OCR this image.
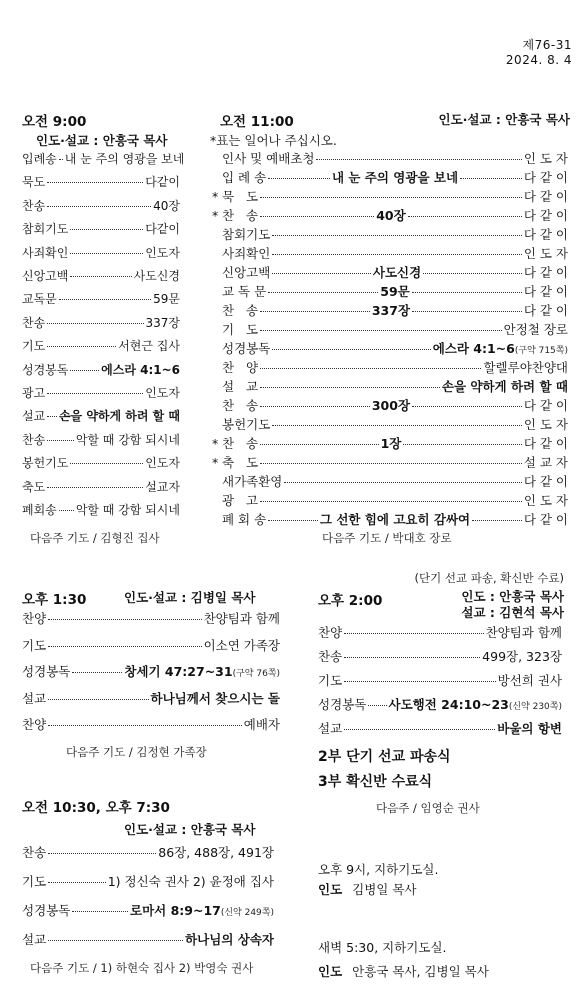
제76-31
2024. 8. 4
오전 9:00
인도·설교 : 안흥국 목사
입례송 내 눈 주의 영광을 보네
묵도	다같이
찬송	40장
참회기도	다같이
사죄확인	인도자
신앙고백	사도신경
교독문	59문
찬송	337장
기도	서현근 집사
성경봉독	에스라 4:1~6
광고	인도자
설교 손을 약하게 하려 할 때
찬송	악할 때 강함 되시네
봉헌기도	인도자
축도	설교자
폐회송 악할 때 강함 되시네
다음주 기도 / 김형진 집사
오전 11:00	인도·설교 : 안흥국 목사
*표는 일어나 주십시오.
인사 및 예배초청	인 도 자
입 례 송	내 눈 주의 영광을 보네	다 같 이
* 묵   도	다 같 이
* 찬   송	40장	다 같 이
참회기도	다 같 이
사죄확인	인 도 자
신앙고백	사도신경	다 같 이
교 독 문	59문	다 같 이
찬   송	337장	다 같 이
기   도	안정철 장로
성경봉독	에스라 4:1~6 (구약 715쪽)
찬   양	할렐루야찬양대
설   교	손을 약하게 하려 할 때
찬   송	300장	다 같 이
봉헌기도	인 도 자
* 찬   송	1장	다 같 이
* 축   도	설 교 자
새가족환영	다 같 이
광   고	인 도 자
폐 회 송	그 선한 힘에 고요히 감싸여	다 같 이
다음주 기도 / 박대호 장로
오후 1:30	인도·설교 : 김병일 목사
찬양	찬양팀과 함께
기도	이소연 가족장
성경봉독	창세기 47:27~31 (구약 76쪽)
설교	하나님께서 찾으시는 돌
찬양	예배자
다음주 기도 / 김정현 가족장
(단기 선교 파송, 확신반 수료)
오후 2:00	인도 : 안흥국 목사
설교 : 김현석 목사
찬양	찬양팀과 함께
찬송	499장, 323장
기도	방선희 권사
성경봉독 사도행전 24:10~23 (신약 230쪽)
설교	바울의 항변
2부 단기 선교 파송식
3부 확신반 수료식
다음주 / 임영순 권사
오전 10:30, 오후 7:30
인도·설교 : 안흥국 목사
찬송	86장, 488장, 491장
기도	1) 정신숙 권사 2) 윤정애 집사
성경봉독	로마서 8:9~17 (신약 249쪽)
설교	하나님의 상속자
다음주 기도 / 1) 하현숙 집사 2) 박영숙 권사
오후 9시, 지하기도실.
인도 김병일 목사
새벽 5:30, 지하기도실.
인도 안흥국 목사, 김병일 목사
